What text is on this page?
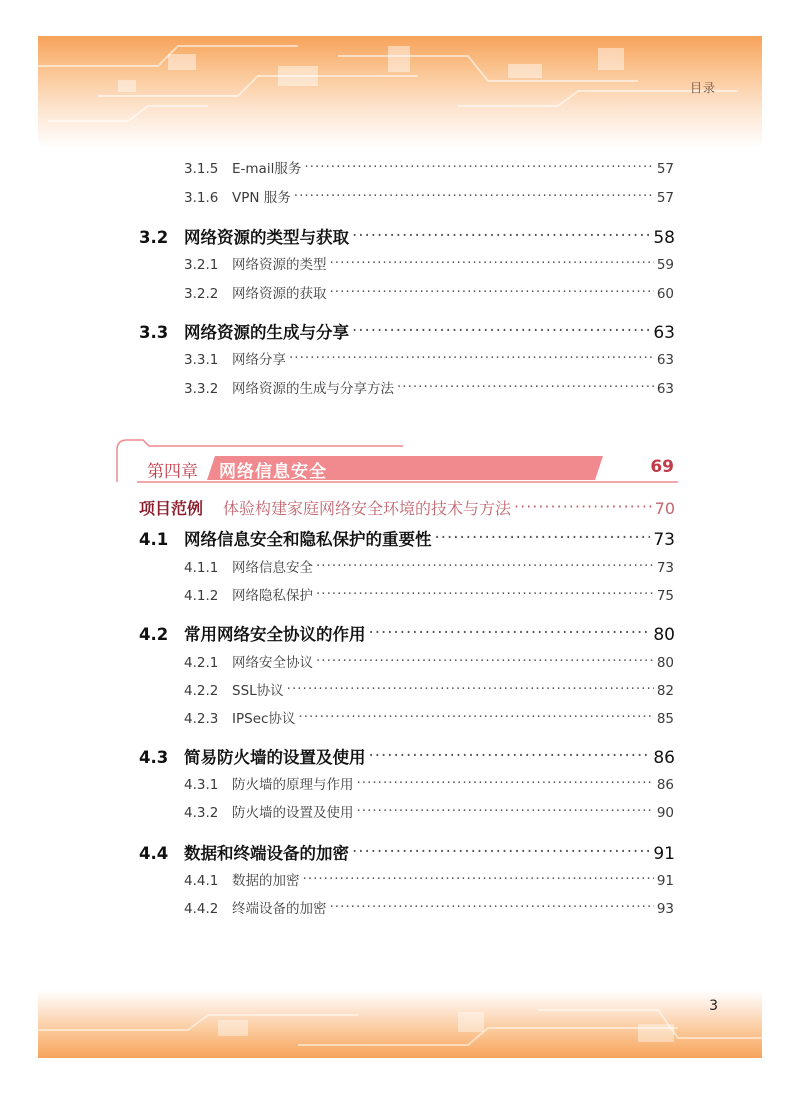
目录
3
3.1.5	E-mail服务 ·····	57
3.1.6	VPN 服务 ·····	57
3.2 网络资源的类型与获取 ·····	58
3.2.1	网络资源的类型 ·····	59
3.2.2	网络资源的获取 ·····	60
3.3 网络资源的生成与分享 ·····	63
3.3.1	网络分享 ·····	63
3.3.2	网络资源的生成与分享方法 ·····	63
第四章 网络信息安全	69
项目范例	体验构建家庭网络安全环境的技术与方法 ·····	70
4.1 网络信息安全和隐私保护的重要性 ·····	73
4.1.1	网络信息安全 ·····	73
4.1.2	网络隐私保护 ·····	75
4.2 常用网络安全协议的作用 ·····	80
4.2.1	网络安全协议 ·····	80
4.2.2	SSL协议 ·····	82
4.2.3	IPSec协议 ·····	85
4.3 简易防火墙的设置及使用 ·····	86
4.3.1	防火墙的原理与作用 ·····	86
4.3.2	防火墙的设置及使用 ·····	90
4.4 数据和终端设备的加密 ·····	91
4.4.1	数据的加密 ·····	91
4.4.2	终端设备的加密 ·····	93
